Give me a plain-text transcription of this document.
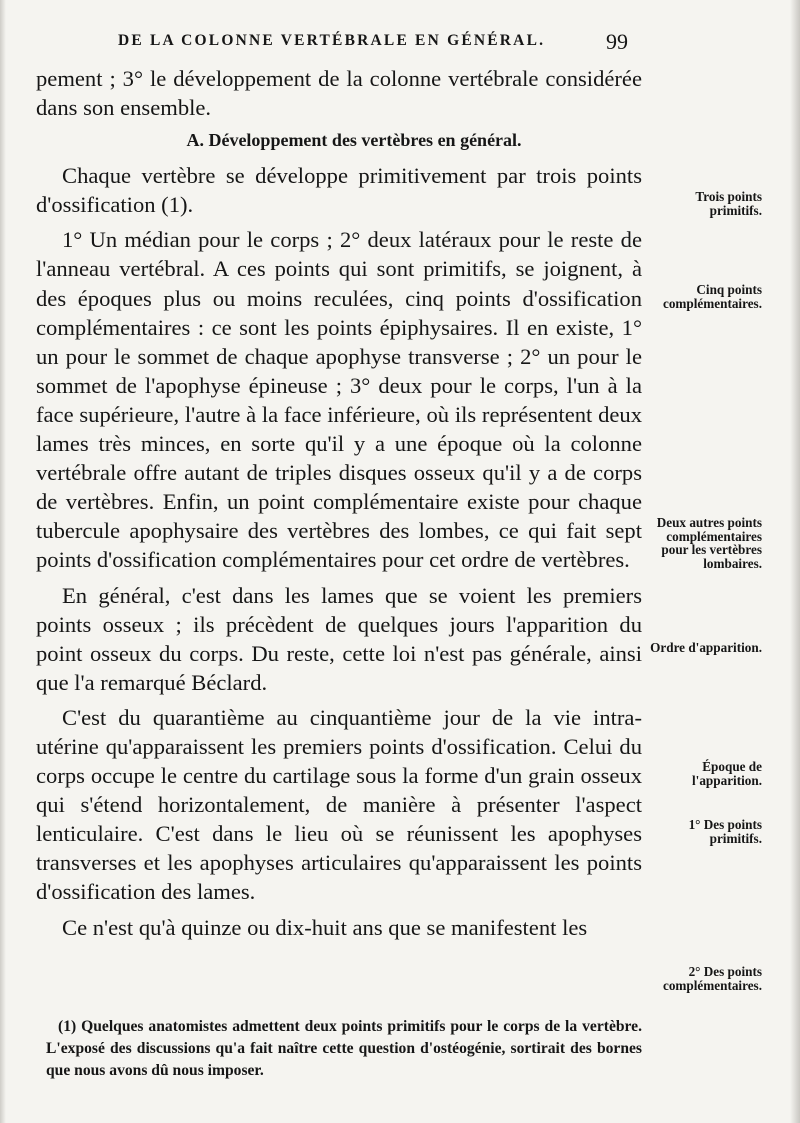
DE LA COLONNE VERTÉBRALE EN GÉNÉRAL.	99

pement ; 3° le développement de la colonne vertébrale considérée dans son ensemble.

A. Développement des vertèbres en général.

Chaque vertèbre se développe primitivement par trois points d'ossification (1).

1° Un médian pour le corps ; 2° deux latéraux pour le reste de l'anneau vertébral. A ces points qui sont primitifs, se joignent, à des époques plus ou moins reculées, cinq points d'ossification complémentaires : ce sont les points épiphysaires. Il en existe, 1° un pour le sommet de chaque apophyse transverse ; 2° un pour le sommet de l'apophyse épineuse ; 3° deux pour le corps, l'un à la face supérieure, l'autre à la face inférieure, où ils représentent deux lames très minces, en sorte qu'il y a une époque où la colonne vertébrale offre autant de triples disques osseux qu'il y a de corps de vertèbres. Enfin, un point complémentaire existe pour chaque tubercule apophysaire des vertèbres des lombes, ce qui fait sept points d'ossification complémentaires pour cet ordre de vertèbres.

En général, c'est dans les lames que se voient les premiers points osseux ; ils précèdent de quelques jours l'apparition du point osseux du corps. Du reste, cette loi n'est pas générale, ainsi que l'a remarqué Béclard.

C'est du quarantième au cinquantième jour de la vie intra-utérine qu'apparaissent les premiers points d'ossification. Celui du corps occupe le centre du cartilage sous la forme d'un grain osseux qui s'étend horizontalement, de manière à présenter l'aspect lenticulaire. C'est dans le lieu où se réunissent les apophyses transverses et les apophyses articulaires qu'apparaissent les points d'ossification des lames.

Ce n'est qu'à quinze ou dix-huit ans que se manifestent les

Trois points primitifs.
Cinq points complémentaires.
Deux autres points complémentaires pour les vertèbres lombaires.
Ordre d'apparition.
Époque de l'apparition.
1° Des points primitifs.
2° Des points complémentaires.

(1) Quelques anatomistes admettent deux points primitifs pour le corps de la vertèbre. L'exposé des discussions qu'a fait naître cette question d'ostéogénie, sortirait des bornes que nous avons dû nous imposer.
